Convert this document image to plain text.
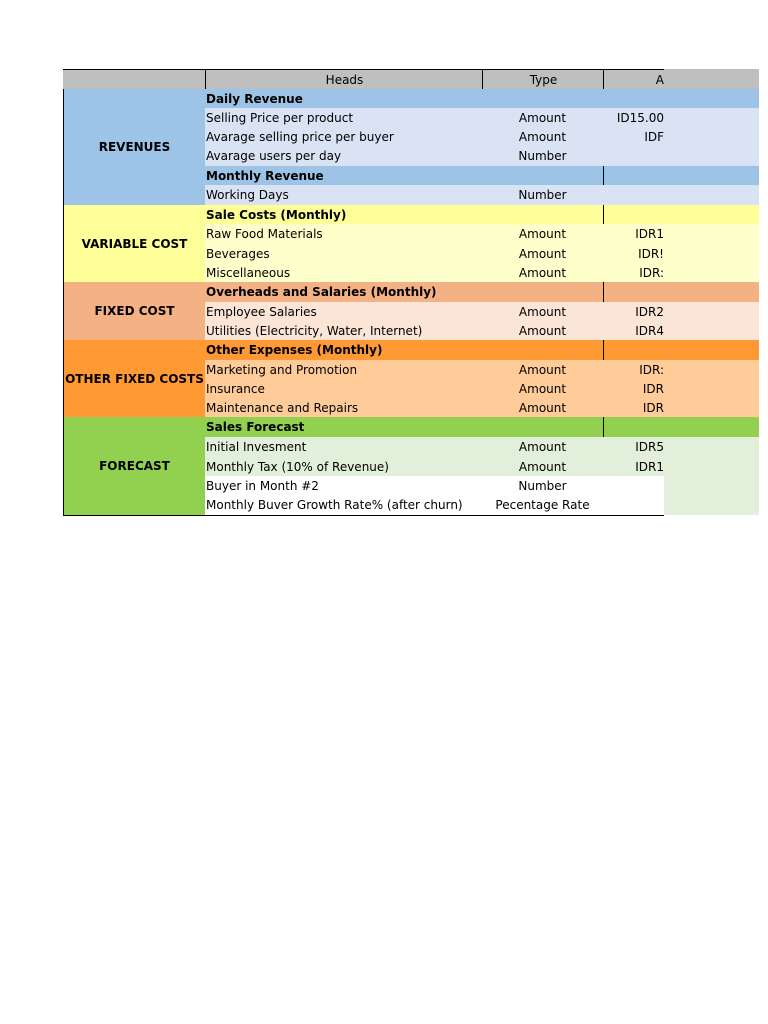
Heads	Type	A
REVENUES
Daily Revenue
Selling Price per product	Amount	ID15.00
Avarage selling price per buyer	Amount	IDF
Avarage users per day	Number
Monthly Revenue
Working Days	Number
VARIABLE COST
Sale Costs (Monthly)
Raw Food Materials	Amount	IDR1
Beverages	Amount	IDR!
Miscellaneous	Amount	IDR:
FIXED COST
Overheads and Salaries (Monthly)
Employee Salaries	Amount	IDR2
Utilities (Electricity, Water, Internet)	Amount	IDR4
OTHER FIXED COSTS
Other Expenses (Monthly)
Marketing and Promotion	Amount	IDR:
Insurance	Amount	IDR
Maintenance and Repairs	Amount	IDR
FORECAST
Sales Forecast
Initial Invesment	Amount	IDR5
Monthly Tax (10% of Revenue)	Amount	IDR1
Buyer in Month #2	Number
Monthly Buver Growth Rate% (after churn)	Pecentage Rate
